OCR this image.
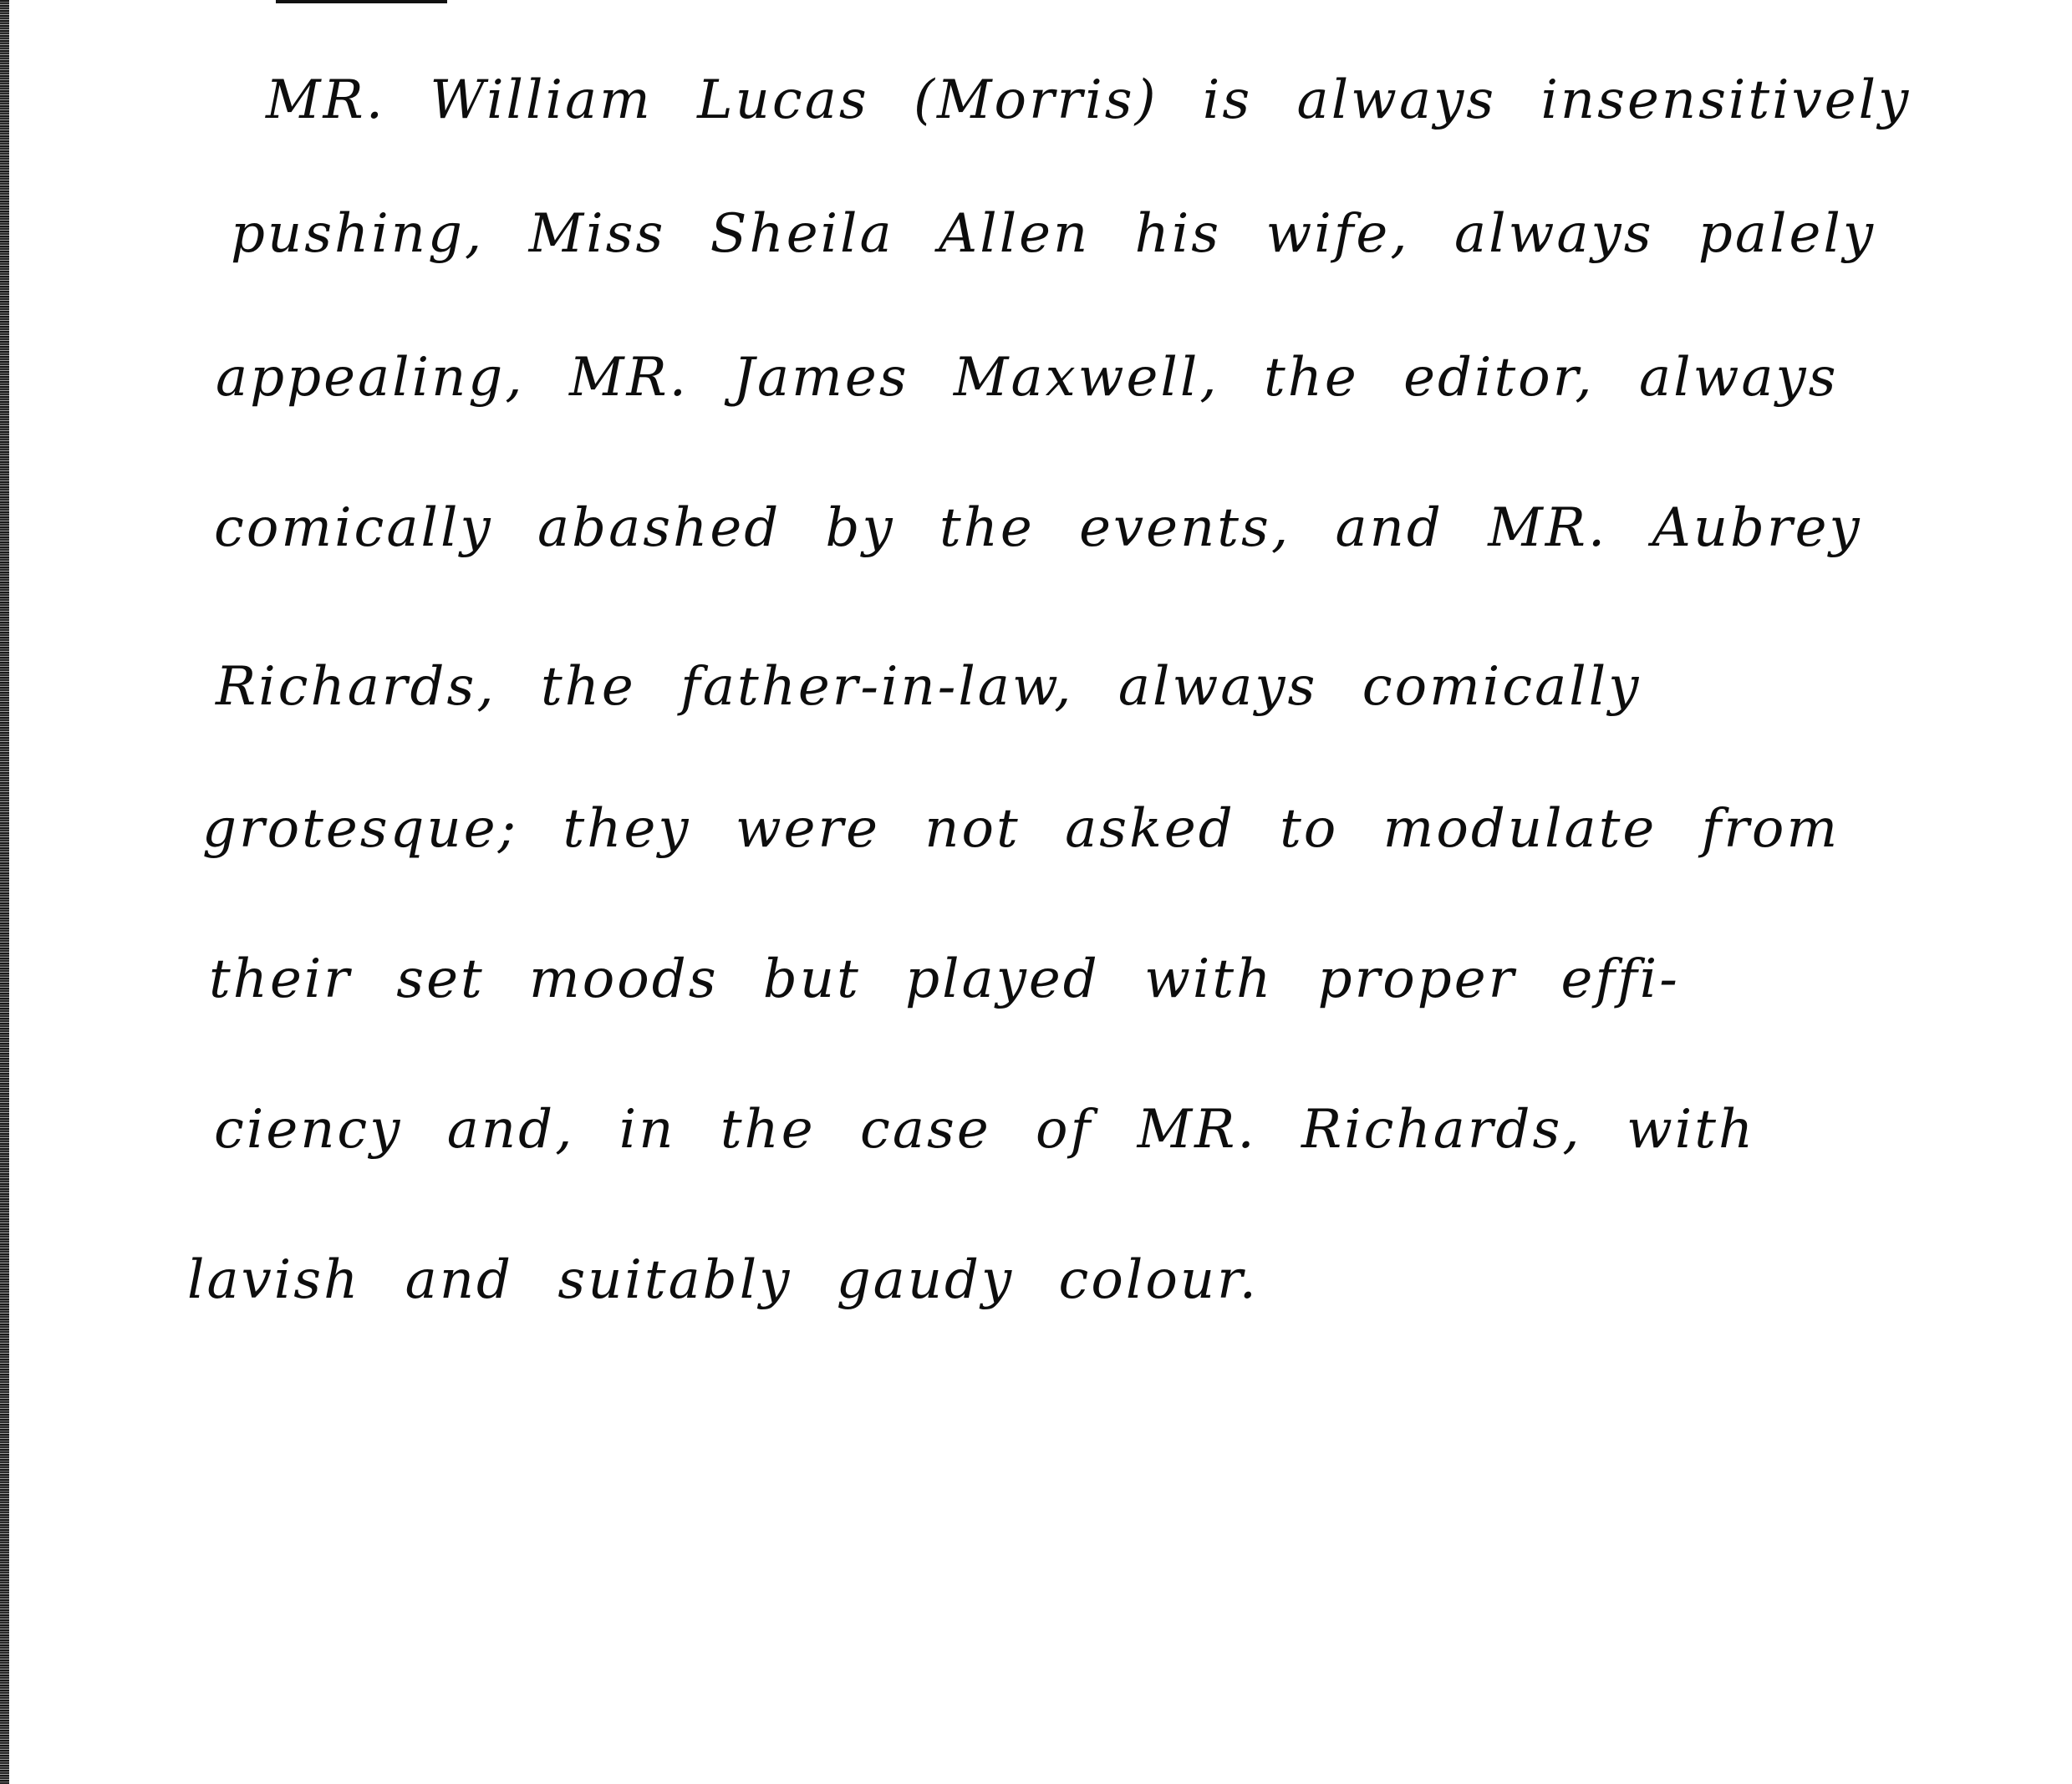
MR. William Lucas (Morris) is always insensitively

pushing, Miss Sheila Allen his wife, always palely

appealing, MR. James Maxwell, the editor, always

comically abashed by the events, and MR. Aubrey

Richards, the father-in-law, always comically

grotesque; they were not asked to modulate from

their set moods but played with proper effi-

ciency and, in the case of MR. Richards, with

lavish and suitably gaudy colour.
